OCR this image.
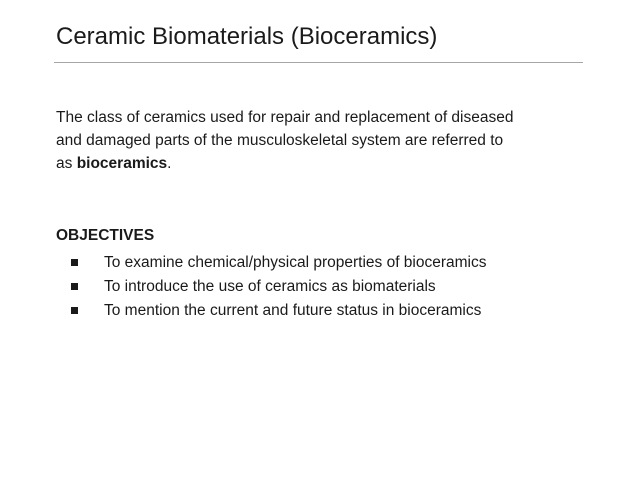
Ceramic Biomaterials (Bioceramics)
The class of ceramics used for repair and replacement of diseased
and damaged parts of the musculoskeletal system are referred to
as bioceramics.
OBJECTIVES
To examine chemical/physical properties of bioceramics
To introduce the use of ceramics as biomaterials
To mention the current and future status in bioceramics
